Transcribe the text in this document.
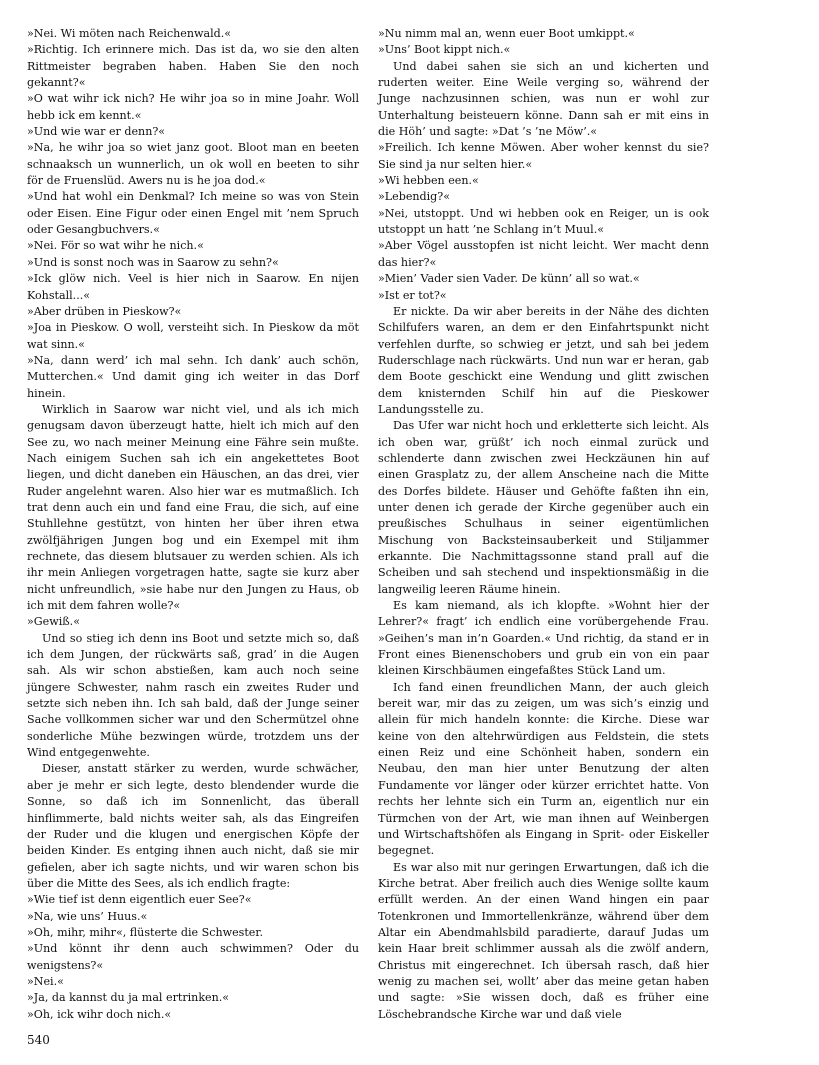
»Nei. Wi möten nach Reichenwald.«

»Richtig. Ich erinnere mich. Das ist da, wo sie den alten Rittmeister begraben haben. Haben Sie den noch gekannt?«

»O wat wihr ick nich? He wihr joa so in mine Joahr. Woll hebb ick em kennt.«

»Und wie war er denn?«

»Na, he wihr joa so wiet janz goot. Bloot man en beeten schnaaksch un wunnerlich, un ok woll en beeten to sihr för de Fruenslüd. Awers nu is he joa dod.«

»Und hat wohl ein Denkmal? Ich meine so was von Stein oder Eisen. Eine Figur oder einen Engel mit ’nem Spruch oder Gesangbuchvers.«

»Nei. För so wat wihr he nich.«

»Und is sonst noch was in Saarow zu sehn?«

»Ick glöw nich. Veel is hier nich in Saarow. En nijen Kohstall...«

»Aber drüben in Pieskow?«

»Joa in Pieskow. O woll, versteiht sich. In Pieskow da möt wat sinn.«

»Na, dann werd’ ich mal sehn. Ich dank’ auch schön, Mutterchen.« Und damit ging ich weiter in das Dorf hinein.

Wirklich in Saarow war nicht viel, und als ich mich genugsam davon überzeugt hatte, hielt ich mich auf den See zu, wo nach meiner Meinung eine Fähre sein mußte. Nach einigem Suchen sah ich ein angekettetes Boot liegen, und dicht daneben ein Häuschen, an das drei, vier Ruder angelehnt waren. Also hier war es mutmaßlich. Ich trat denn auch ein und fand eine Frau, die sich, auf eine Stuhllehne gestützt, von hinten her über ihren etwa zwölfjährigen Jungen bog und ein Exempel mit ihm rechnete, das diesem blutsauer zu werden schien. Als ich ihr mein Anliegen vorgetragen hatte, sagte sie kurz aber nicht unfreundlich, »sie habe nur den Jungen zu Haus, ob ich mit dem fahren wolle?«

»Gewiß.«

Und so stieg ich denn ins Boot und setzte mich so, daß ich dem Jungen, der rückwärts saß, grad’ in die Augen sah. Als wir schon abstießen, kam auch noch seine jüngere Schwester, nahm rasch ein zweites Ruder und setzte sich neben ihn. Ich sah bald, daß der Junge seiner Sache vollkommen sicher war und den Schermützel ohne sonderliche Mühe bezwingen würde, trotzdem uns der Wind entgegenwehte.

Dieser, anstatt stärker zu werden, wurde schwächer, aber je mehr er sich legte, desto blendender wurde die Sonne, so daß ich im Sonnenlicht, das überall hinflimmerte, bald nichts weiter sah, als das Eingreifen der Ruder und die klugen und energischen Köpfe der beiden Kinder. Es entging ihnen auch nicht, daß sie mir gefielen, aber ich sagte nichts, und wir waren schon bis über die Mitte des Sees, als ich endlich fragte:

»Wie tief ist denn eigentlich euer See?«

»Na, wie uns’ Huus.«

»Oh, mihr, mihr«, flüsterte die Schwester.

»Und könnt ihr denn auch schwimmen? Oder du wenigstens?«

»Nei.«

»Ja, da kannst du ja mal ertrinken.«

»Oh, ick wihr doch nich.«

»Nu nimm mal an, wenn euer Boot umkippt.«

»Uns’ Boot kippt nich.«

Und dabei sahen sie sich an und kicherten und ruderten weiter. Eine Weile verging so, während der Junge nachzusinnen schien, was nun er wohl zur Unterhaltung beisteuern könne. Dann sah er mit eins in die Höh’ und sagte: »Dat ’s ’ne Möw’.«

»Freilich. Ich kenne Möwen. Aber woher kennst du sie? Sie sind ja nur selten hier.«

»Wi hebben een.«

»Lebendig?«

»Nei, utstoppt. Und wi hebben ook en Reiger, un is ook utstoppt un hatt ’ne Schlang in’t Muul.«

»Aber Vögel ausstopfen ist nicht leicht. Wer macht denn das hier?«

»Mien’ Vader sien Vader. De künn’ all so wat.«

»Ist er tot?«

Er nickte. Da wir aber bereits in der Nähe des dichten Schilfufers waren, an dem er den Einfahrtspunkt nicht verfehlen durfte, so schwieg er jetzt, und sah bei jedem Ruderschlage nach rückwärts. Und nun war er heran, gab dem Boote geschickt eine Wendung und glitt zwischen dem knisternden Schilf hin auf die Pieskower Landungsstelle zu.

Das Ufer war nicht hoch und erkletterte sich leicht. Als ich oben war, grüßt’ ich noch einmal zurück und schlenderte dann zwischen zwei Heckzäunen hin auf einen Grasplatz zu, der allem Anscheine nach die Mitte des Dorfes bildete. Häuser und Gehöfte faßten ihn ein, unter denen ich gerade der Kirche gegenüber auch ein preußisches Schulhaus in seiner eigentümlichen Mischung von Backsteinsauberkeit und Stiljammer erkannte. Die Nachmittagssonne stand prall auf die Scheiben und sah stechend und inspektionsmäßig in die langweilig leeren Räume hinein.

Es kam niemand, als ich klopfte. »Wohnt hier der Lehrer?« fragt’ ich endlich eine vorübergehende Frau. »Geihen’s man in’n Goarden.« Und richtig, da stand er in Front eines Bienenschobers und grub ein von ein paar kleinen Kirschbäumen eingefaßtes Stück Land um.

Ich fand einen freundlichen Mann, der auch gleich bereit war, mir das zu zeigen, um was sich’s einzig und allein für mich handeln konnte: die Kirche. Diese war keine von den altehrwürdigen aus Feldstein, die stets einen Reiz und eine Schönheit haben, sondern ein Neubau, den man hier unter Benutzung der alten Fundamente vor länger oder kürzer errichtet hatte. Von rechts her lehnte sich ein Turm an, eigentlich nur ein Türmchen von der Art, wie man ihnen auf Weinbergen und Wirtschaftshöfen als Eingang in Sprit- oder Eiskeller begegnet.

Es war also mit nur geringen Erwartungen, daß ich die Kirche betrat. Aber freilich auch dies Wenige sollte kaum erfüllt werden. An der einen Wand hingen ein paar Totenkronen und Immortellenkränze, während über dem Altar ein Abendmahlsbild paradierte, darauf Judas um kein Haar breit schlimmer aussah als die zwölf andern, Christus mit eingerechnet. Ich übersah rasch, daß hier wenig zu machen sei, wollt’ aber das meine getan haben und sagte: »Sie wissen doch, daß es früher eine Löschebrandsche Kirche war und daß viele

540
